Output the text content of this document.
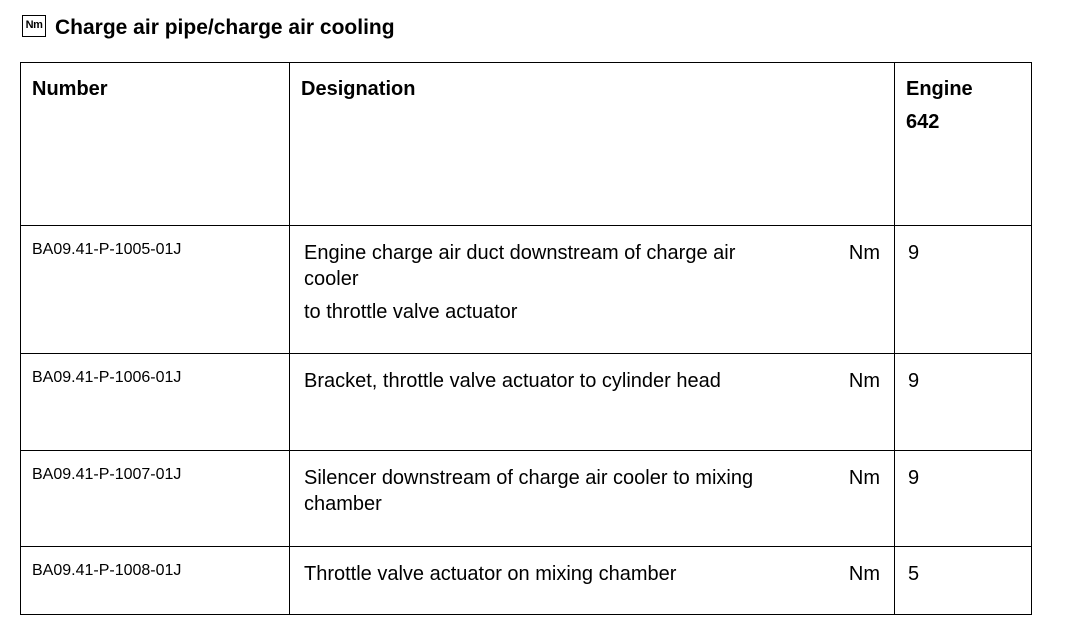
Nm Charge air pipe/charge air cooling
Number	Designation	Engine
642

BA09.41-P-1005-01J	Engine charge air duct downstream of charge air cooler
to throttle valve actuator
Nm	9

BA09.41-P-1006-01J	Bracket, throttle valve actuator to cylinder head Nm	9

BA09.41-P-1007-01J	Silencer downstream of charge air cooler to mixing chamber
Nm	9

BA09.41-P-1008-01J	Throttle valve actuator on mixing chamber Nm	5
